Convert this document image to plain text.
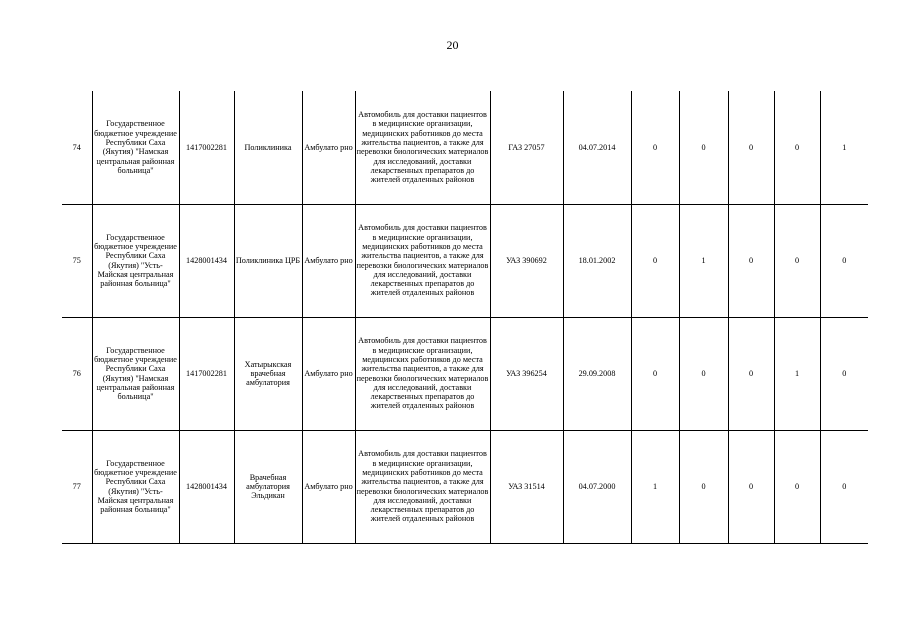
20
74	Государственное бюджетное учреждение Республики Саха (Якутия) "Намская центральная районная больница"	1417002281	Поликлиника	Амбулато рно	Автомобиль для доставки пациентов в медицинские организации, медицинских работников до места жительства пациентов, а также для перевозки биологических материалов для исследований, доставки лекарственных препаратов до жителей отдаленных районов	ГАЗ 27057	04.07.2014	0	0	0	0	1
75	Государственное бюджетное учреждение Республики Саха (Якутия) "Усть-Майская центральная районная больница"	1428001434	Поликлиника ЦРБ	Амбулато рно	Автомобиль для доставки пациентов в медицинские организации, медицинских работников до места жительства пациентов, а также для перевозки биологических материалов для исследований, доставки лекарственных препаратов до жителей отдаленных районов	УАЗ 390692	18.01.2002	0	1	0	0	0
76	Государственное бюджетное учреждение Республики Саха (Якутия) "Намская центральная районная больница"	1417002281	Хатырыкская врачебная амбулатория	Амбулато рно	Автомобиль для доставки пациентов в медицинские организации, медицинских работников до места жительства пациентов, а также для перевозки биологических материалов для исследований, доставки лекарственных препаратов до жителей отдаленных районов	УАЗ 396254	29.09.2008	0	0	0	1	0
77	Государственное бюджетное учреждение Республики Саха (Якутия) "Усть-Майская центральная районная больница"	1428001434	Врачебная амбулатория Эльдикан	Амбулато рно	Автомобиль для доставки пациентов в медицинские организации, медицинских работников до места жительства пациентов, а также для перевозки биологических материалов для исследований, доставки лекарственных препаратов до жителей отдаленных районов	УАЗ 31514	04.07.2000	1	0	0	0	0
